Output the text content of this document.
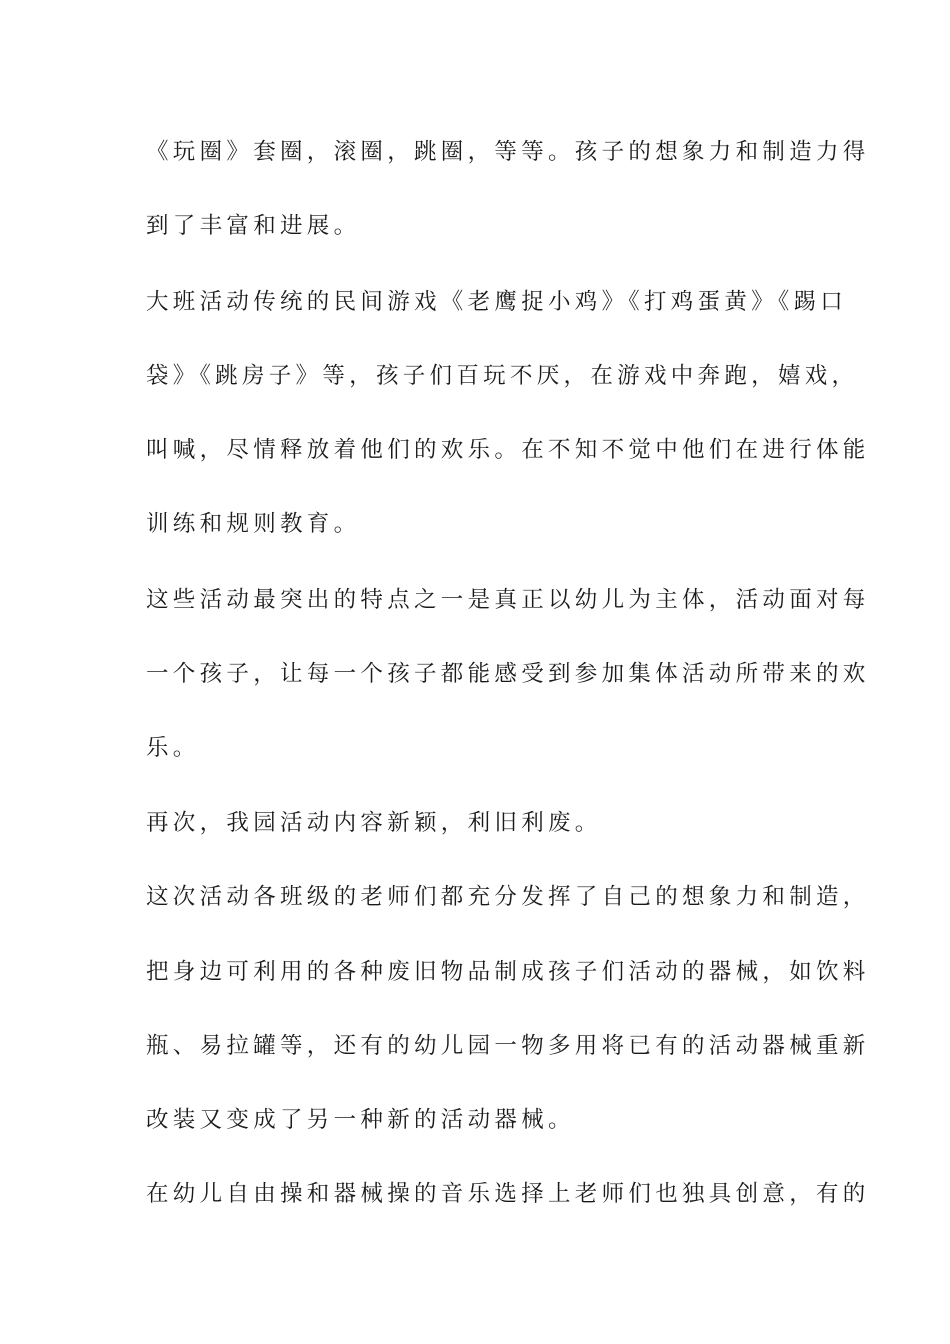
《玩圈》套圈，滚圈，跳圈，等等。孩子的想象力和制造力得
到了丰富和进展。
大班活动传统的民间游戏《老鹰捉小鸡》《打鸡蛋黄》《踢口
袋》《跳房子》等，孩子们百玩不厌，在游戏中奔跑，嬉戏，
叫喊，尽情释放着他们的欢乐。在不知不觉中他们在进行体能
训练和规则教育。
这些活动最突出的特点之一是真正以幼儿为主体，活动面对每
一个孩子，让每一个孩子都能感受到参加集体活动所带来的欢
乐。
再次，我园活动内容新颖，利旧利废。
这次活动各班级的老师们都充分发挥了自己的想象力和制造，
把身边可利用的各种废旧物品制成孩子们活动的器械，如饮料
瓶、易拉罐等，还有的幼儿园一物多用将已有的活动器械重新
改装又变成了另一种新的活动器械。
在幼儿自由操和器械操的音乐选择上老师们也独具创意，有的
